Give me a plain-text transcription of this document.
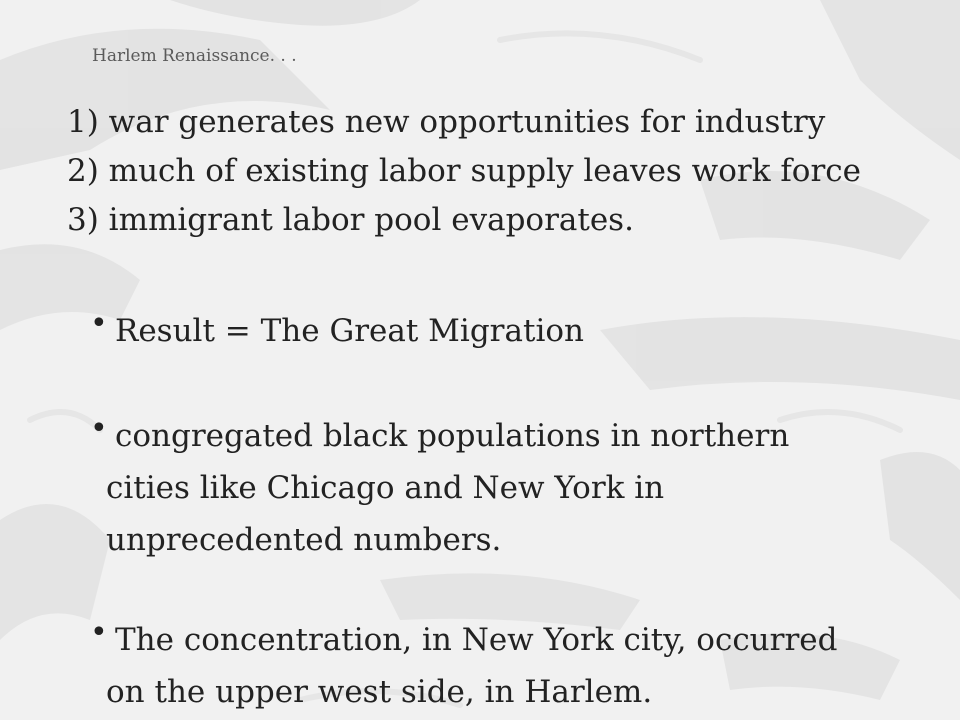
Harlem Renaissance. . .
1) war generates new opportunities for industry
2) much of existing labor supply leaves work force
3) immigrant labor pool evaporates.
• Result = The Great Migration
• congregated black populations in northern
cities like Chicago and New York in
unprecedented numbers.
• The concentration, in New York city, occurred
on the upper west side, in Harlem.
